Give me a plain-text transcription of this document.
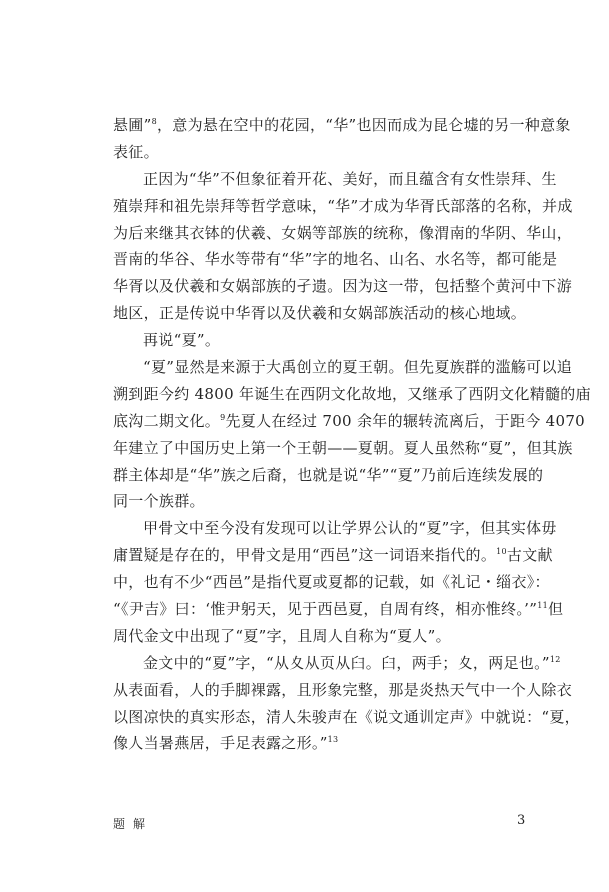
悬圃”$^8$，意为悬在空中的花园，“华”也因而成为昆仑墟的另一种意象
表征。
正因为“华”不但象征着开花、美好，而且蕴含有女性崇拜、生
殖崇拜和祖先崇拜等哲学意味，“华”才成为华胥氏部落的名称，并成
为后来继其衣钵的伏羲、女娲等部族的统称，像渭南的华阴、华山，
晋南的华谷、华水等带有“华”字的地名、山名、水名等，都可能是
华胥以及伏羲和女娲部族的孑遗。因为这一带，包括整个黄河中下游
地区，正是传说中华胥以及伏羲和女娲部族活动的核心地域。
再说“夏”。
“夏”显然是来源于大禹创立的夏王朝。但先夏族群的滥觞可以追
溯到距今约 4800 年诞生在西阴文化故地，又继承了西阴文化精髓的庙
底沟二期文化。$^9$先夏人在经过 700 余年的辗转流离后，于距今 4070
年建立了中国历史上第一个王朝——夏朝。夏人虽然称“夏”，但其族
群主体却是“华”族之后裔，也就是说“华”“夏”乃前后连续发展的
同一个族群。
甲骨文中至今没有发现可以让学界公认的“夏”字，但其实体毋
庸置疑是存在的，甲骨文是用“西邑”这一词语来指代的。$^{10}$古文献
中，也有不少“西邑”是指代夏或夏都的记载，如《礼记・缁衣》：
“《尹吉》曰：‘惟尹躬天，见于西邑夏，自周有终，相亦惟终。’”$^{11}$但
周代金文中出现了“夏”字，且周人自称为“夏人”。
金文中的“夏”字，“从夊从页从臼。臼，两手；夊，两足也。”$^{12}$
从表面看，人的手脚裸露，且形象完整，那是炎热天气中一个人除衣
以图凉快的真实形态，清人朱骏声在《说文通训定声》中就说：“夏，
像人当暑燕居，手足表露之形。”$^{13}$
题解	3
